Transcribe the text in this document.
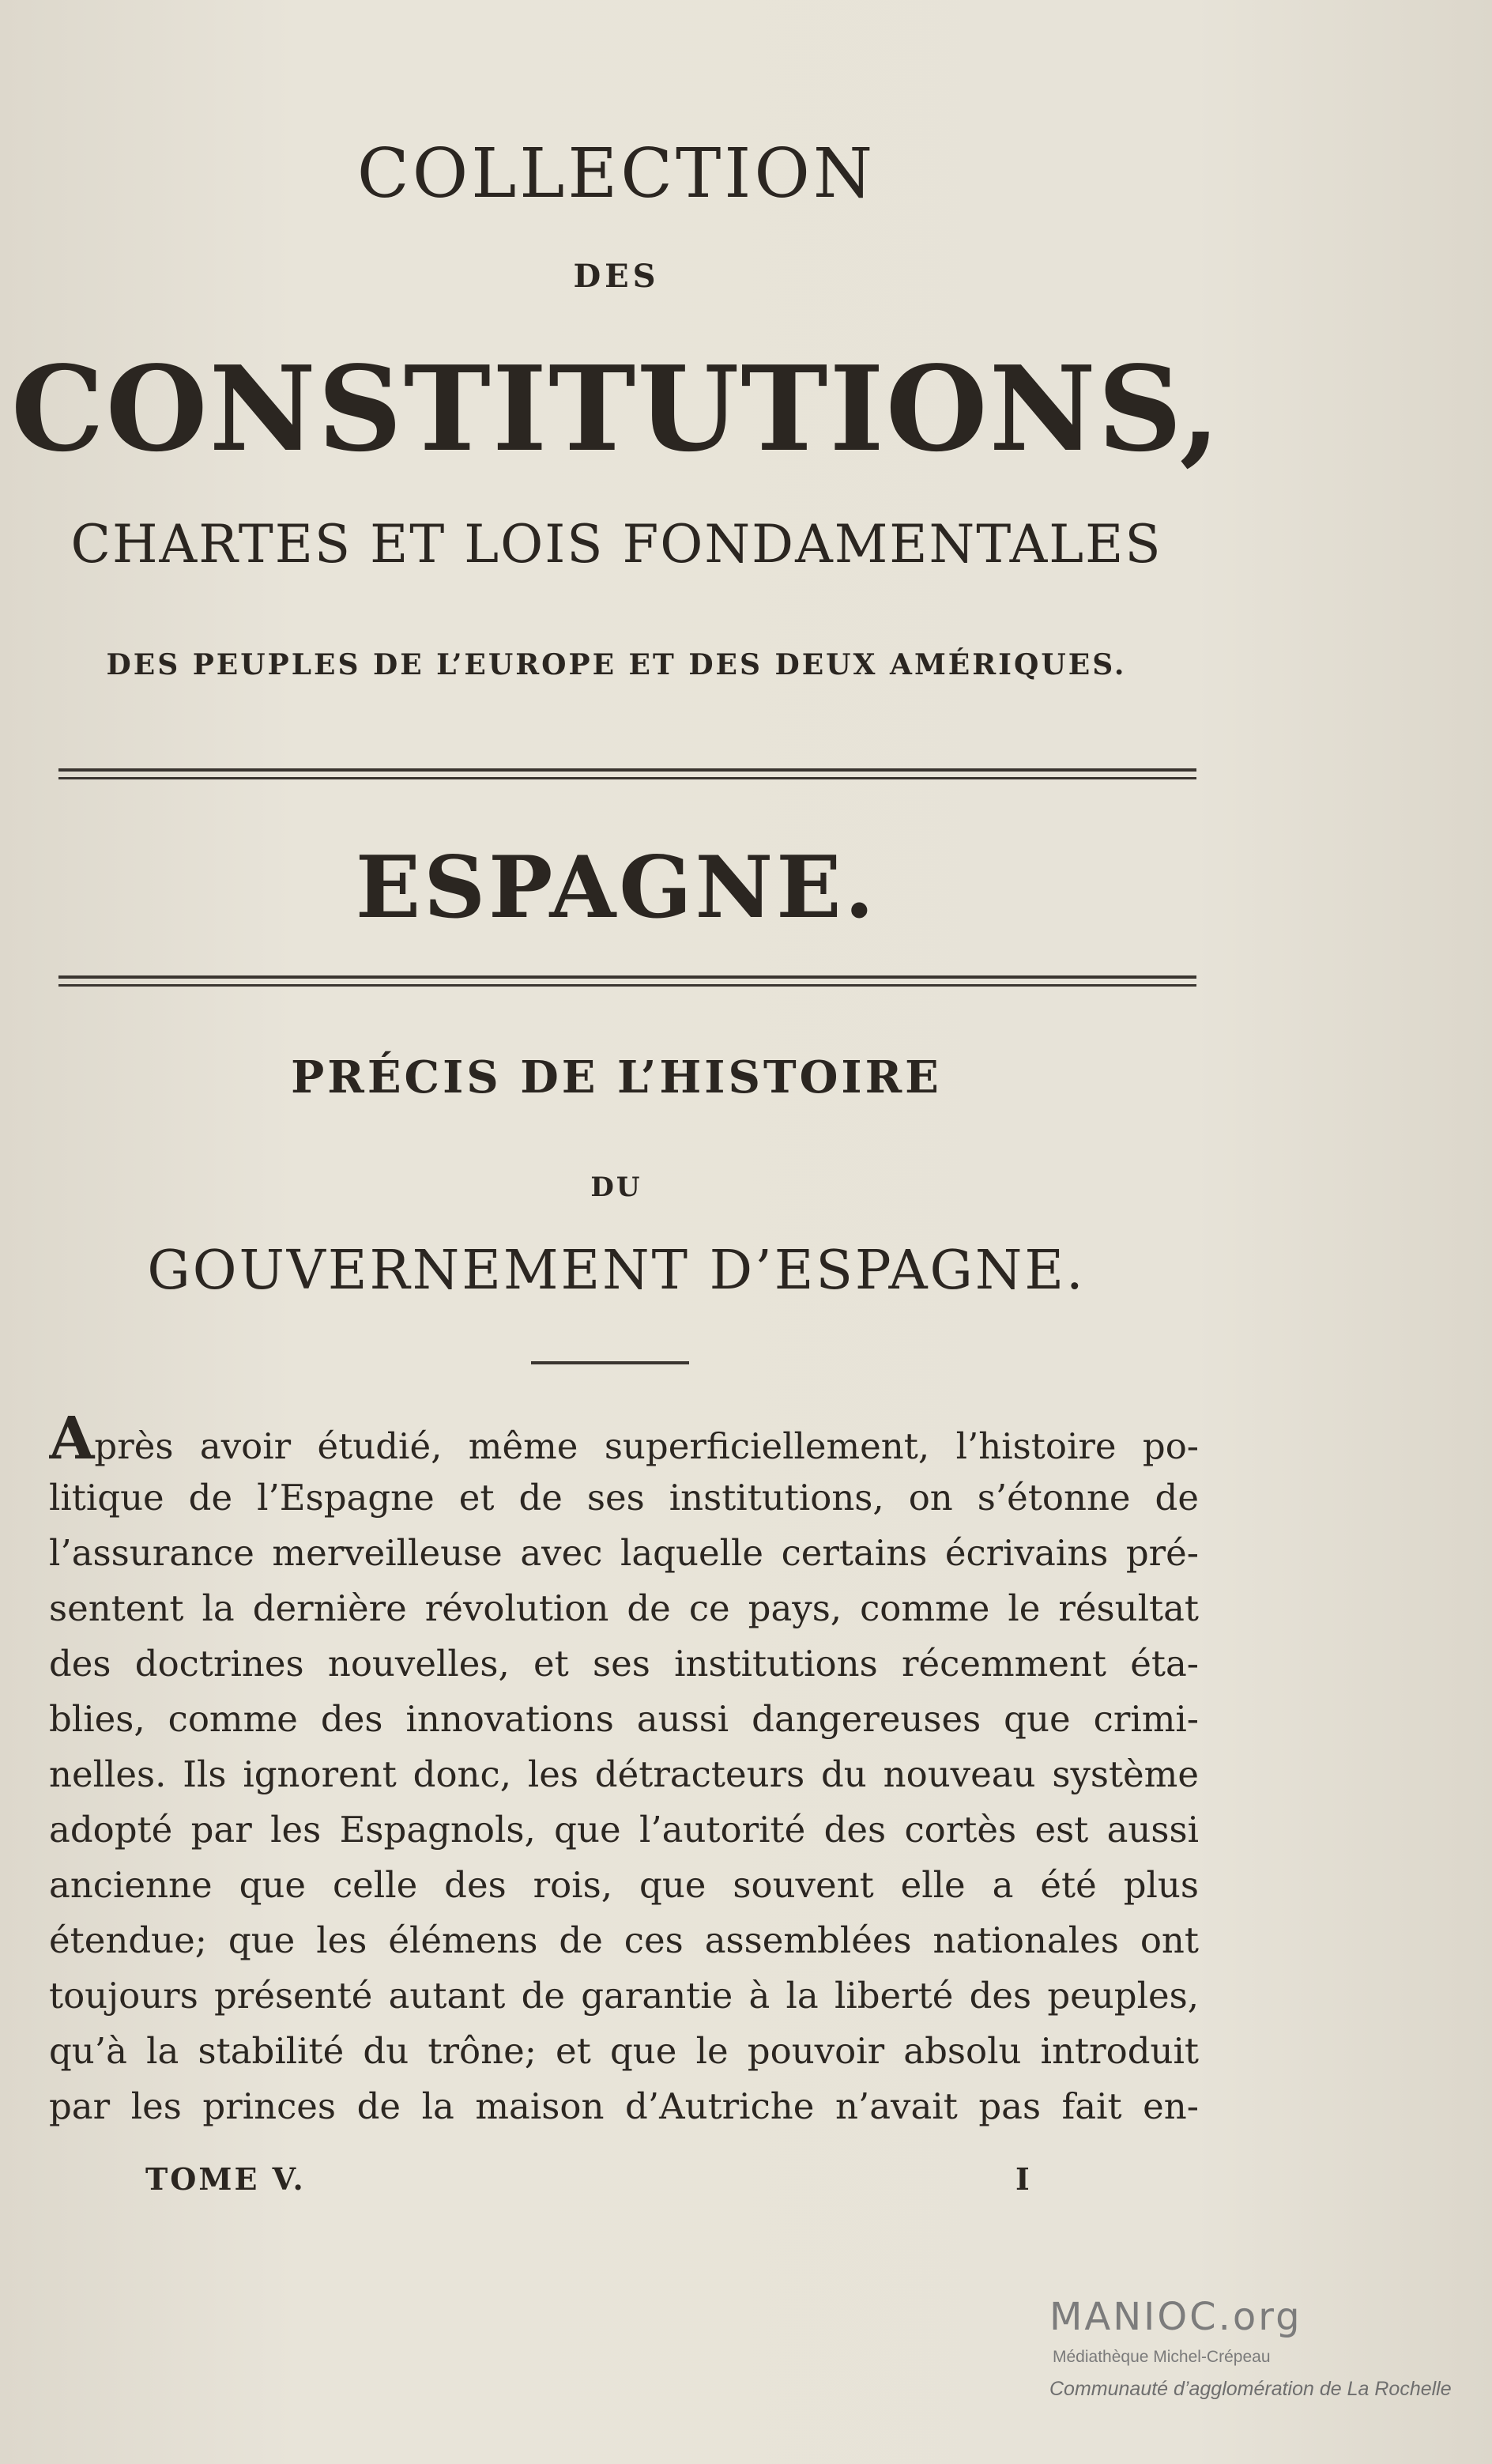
COLLECTION
DES
CONSTITUTIONS,
CHARTES ET LOIS FONDAMENTALES
DES PEUPLES DE L’EUROPE ET DES DEUX AMÉRIQUES.
ESPAGNE.
PRÉCIS DE L’HISTOIRE
DU
GOUVERNEMENT D’ESPAGNE.
Après avoir étudié, même superficiellement, l’histoire po-
litique de l’Espagne et de ses institutions, on s’étonne de
l’assurance merveilleuse avec laquelle certains écrivains pré-
sentent la dernière révolution de ce pays, comme le résultat
des doctrines nouvelles, et ses institutions récemment éta-
blies, comme des innovations aussi dangereuses que crimi-
nelles. Ils ignorent donc, les détracteurs du nouveau système
adopté par les Espagnols, que l’autorité des cortès est aussi
ancienne que celle des rois, que souvent elle a été plus
étendue; que les élémens de ces assemblées nationales ont
toujours présenté autant de garantie à la liberté des peuples,
qu’à la stabilité du trône; et que le pouvoir absolu introduit
par les princes de la maison d’Autriche n’avait pas fait en-
TOME V.	I
MANIOC.org
Médiathèque Michel-Crépeau
Communauté d’agglomération de La Rochelle
